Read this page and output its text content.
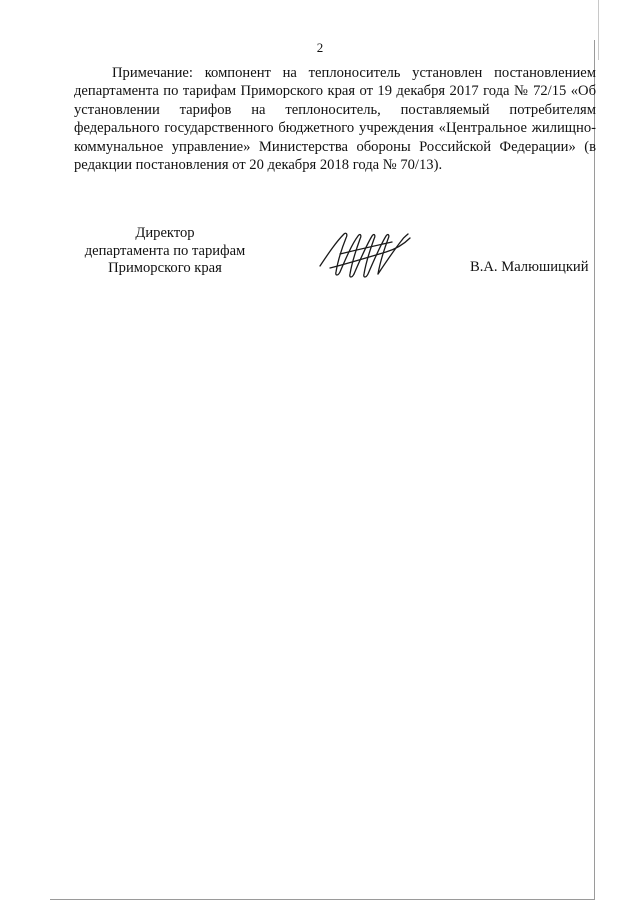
2

Примечание: компонент на теплоноситель установлен постановлением департамента по тарифам Приморского края от 19 декабря 2017 года № 72/15 «Об установлении тарифов на теплоноситель, поставляемый потребителям федерального государственного бюджетного учреждения «Центральное жилищно-коммунальное управление» Министерства обороны Российской Федерации» (в редакции постановления от 20 декабря 2018 года № 70/13).

Директор
департамента по тарифам
Приморского края	В.А. Малюшицкий
